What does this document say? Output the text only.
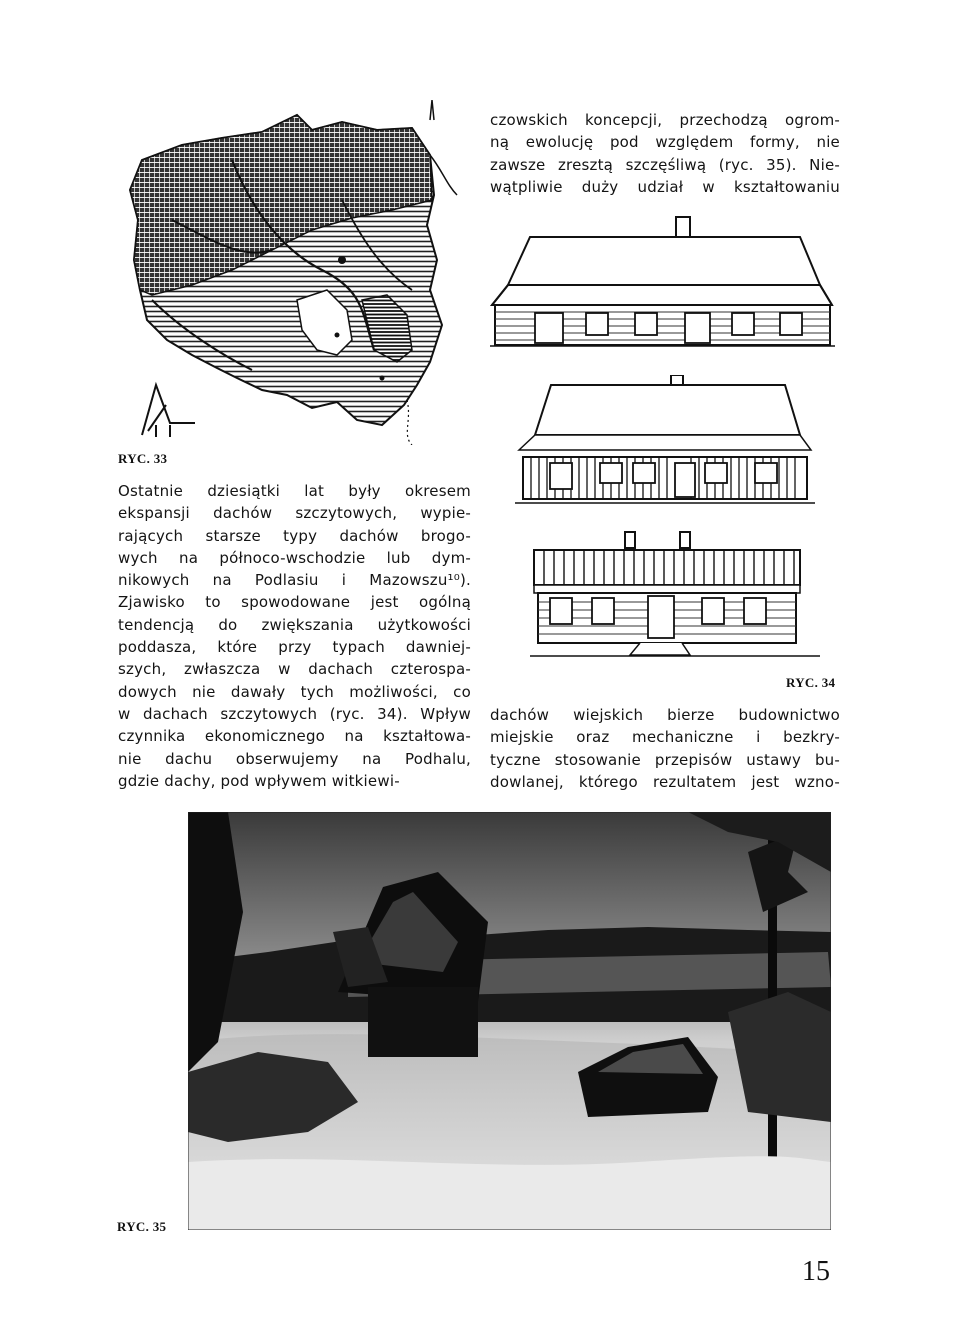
RYC. 33
Ostatnie dziesiątki lat były okresem
ekspansji dachów szczytowych, wypie-
rających starsze typy dachów brogo-
wych na północo-wschodzie lub dym-
nikowych na Podlasiu i Mazowszu¹⁰).
Zjawisko to spowodowane jest ogólną
tendencją do zwiększania użytkowości
poddasza, które przy typach dawniej-
szych, zwłaszcza w dachach czterospa-
dowych nie dawały tych możliwości, co
w dachach szczytowych (ryc. 34). Wpływ
czynnika ekonomicznego na kształtowa-
nie dachu obserwujemy na Podhalu,
gdzie dachy, pod wpływem witkiewi-
czowskich koncepcji, przechodzą ogrom-
ną ewolucję pod względem formy, nie
zawsze zresztą szczęśliwą (ryc. 35). Nie-
wątpliwie duży udział w kształtowaniu
RYC. 34
dachów wiejskich bierze budownictwo
miejskie oraz mechaniczne i bezkry-
tyczne stosowanie przepisów ustawy bu-
dowlanej, którego rezultatem jest wzno-
RYC. 35
15
